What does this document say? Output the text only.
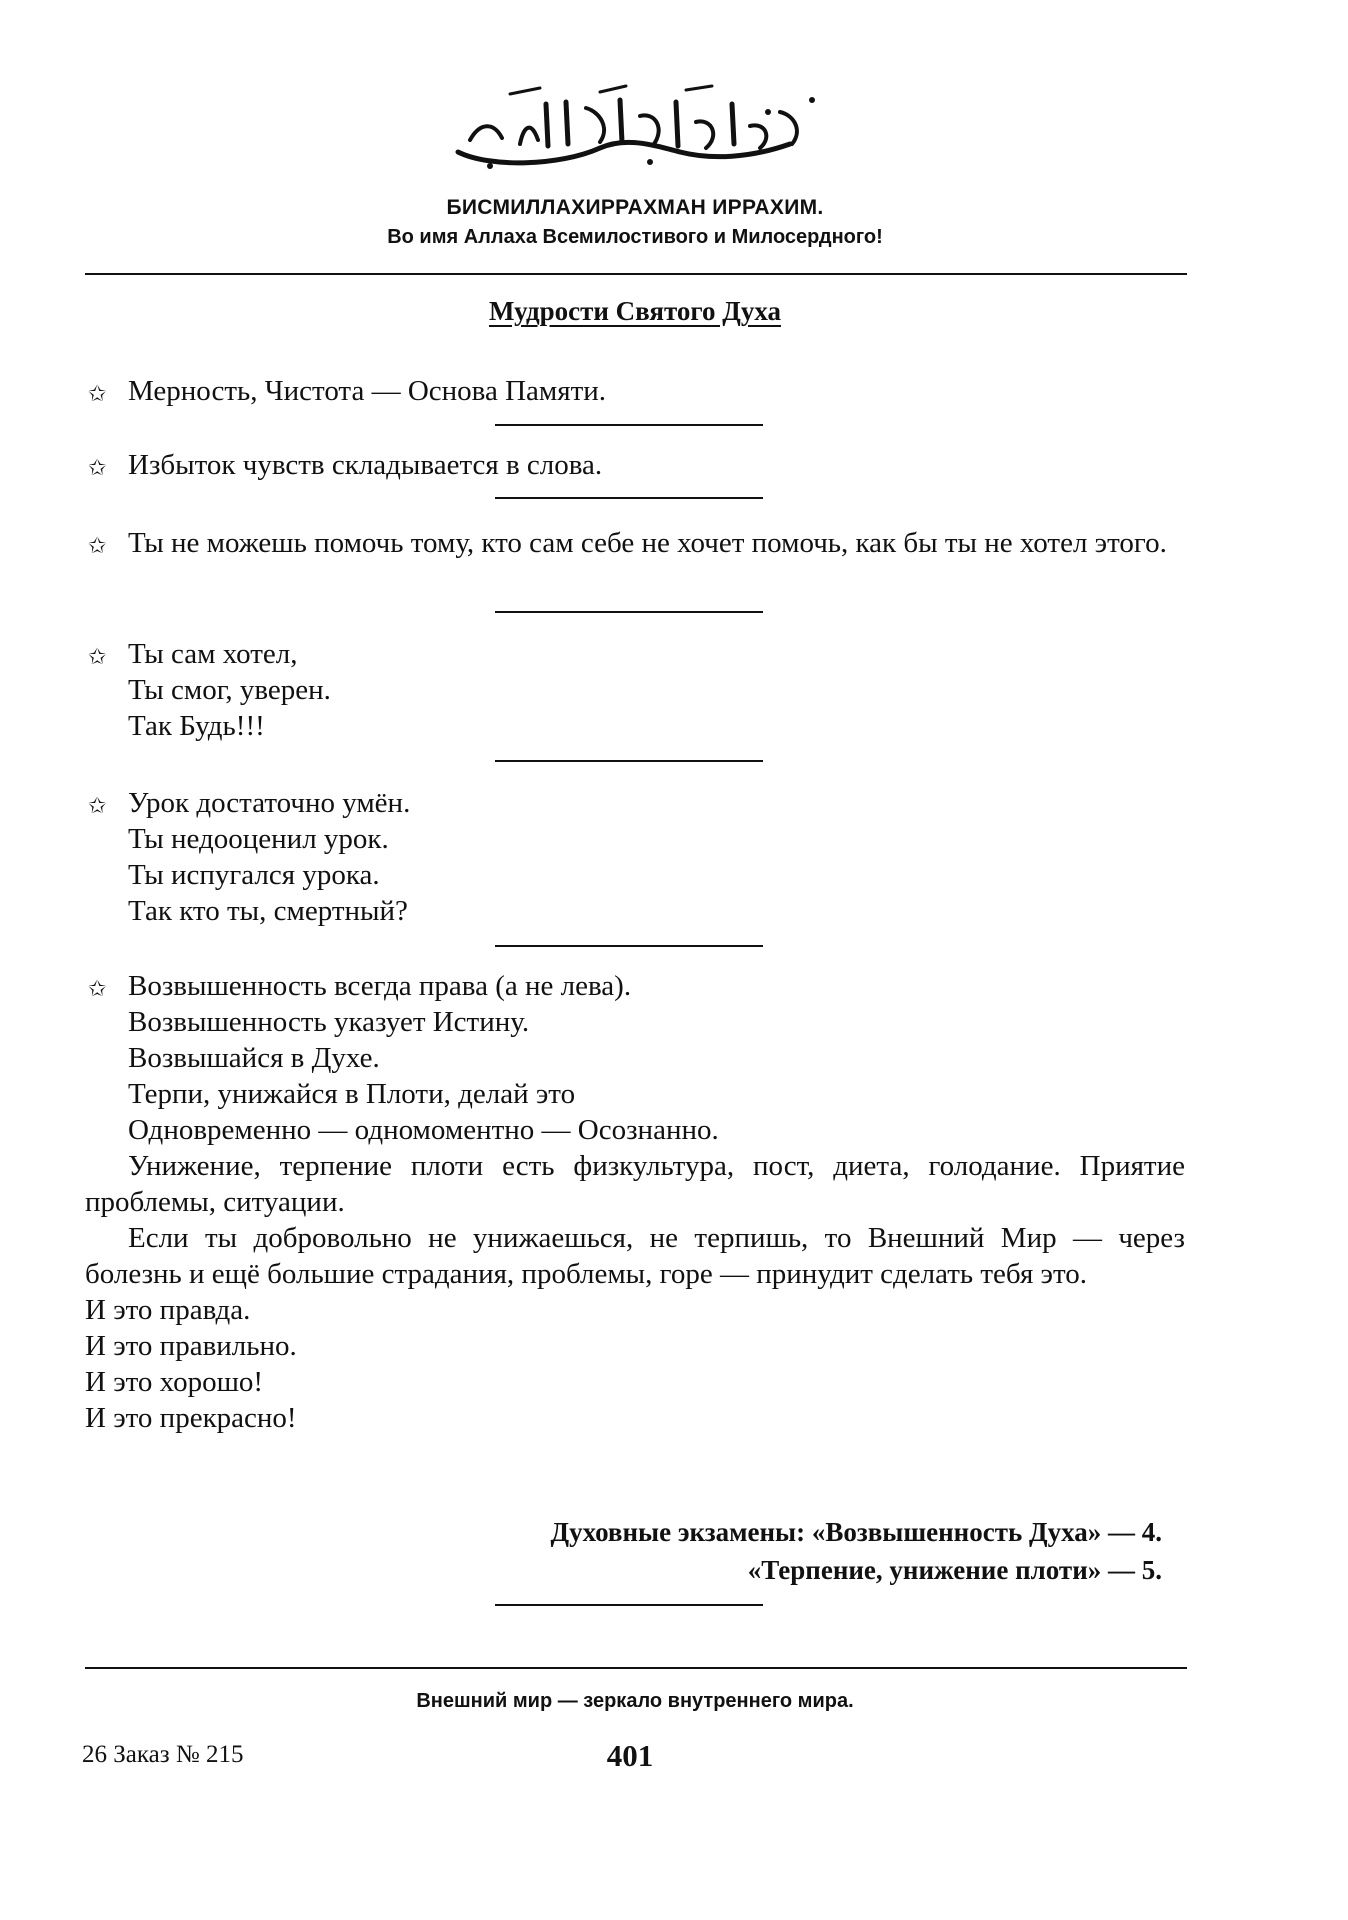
БИСМИЛЛАХИРРАХМАН ИРРАХИМ.
Во имя Аллаха Всемилостивого и Милосердного!
Мудрости Святого Духа
✩ Мерность, Чистота — Основа Памяти.
✩ Избыток чувств складывается в слова.
✩ Ты не можешь помочь тому, кто сам себе не хочет помочь, как бы ты не хотел этого.
✩ Ты сам хотел,
Ты смог, уверен.
Так Будь!!!
✩ Урок достаточно умён.
Ты недооценил урок.
Ты испугался урока.
Так кто ты, смертный?
✩ Возвышенность всегда права (а не лева).
Возвышенность указует Истину.
Возвышайся в Духе.
Терпи, унижайся в Плоти, делай это
Одновременно — одномоментно — Осознанно.
Унижение, терпение плоти есть физкультура, пост, диета, голодание. Приятие проблемы, ситуации.
Если ты добровольно не унижаешься, не терпишь, то Внешний Мир — через болезнь и ещё большие страдания, проблемы, горе — принудит сделать тебя это.
И это правда.
И это правильно.
И это хорошо!
И это прекрасно!
Духовные экзамены: «Возвышенность Духа» — 4.
«Терпение, унижение плоти» — 5.
Внешний мир — зеркало внутреннего мира.
26 Заказ № 215	401
